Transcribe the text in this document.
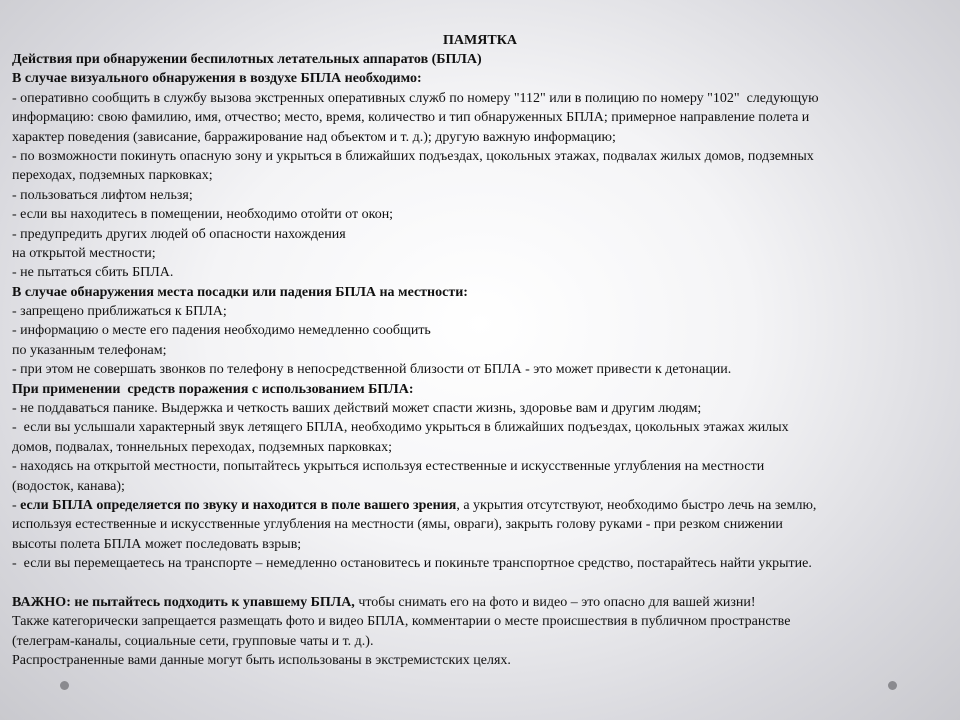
ПАМЯТКА
Действия при обнаружении беспилотных летательных аппаратов (БПЛА)
В случае визуального обнаружения в воздухе БПЛА необходимо:
- оперативно сообщить в службу вызова экстренных оперативных служб по номеру "112" или в полицию по номеру "102"  следующую
информацию: свою фамилию, имя, отчество; место, время, количество и тип обнаруженных БПЛА; примерное направление полета и
характер поведения (зависание, барражирование над объектом и т. д.); другую важную информацию;
- по возможности покинуть опасную зону и укрыться в ближайших подъездах, цокольных этажах, подвалах жилых домов, подземных
переходах, подземных парковках;
- пользоваться лифтом нельзя;
- если вы находитесь в помещении, необходимо отойти от окон;
- предупредить других людей об опасности нахождения
на открытой местности;
- не пытаться сбить БПЛА.
В случае обнаружения места посадки или падения БПЛА на местности:
- запрещено приближаться к БПЛА;
- информацию о месте его падения необходимо немедленно сообщить
по указанным телефонам;
- при этом не совершать звонков по телефону в непосредственной близости от БПЛА - это может привести к детонации.
При применении  средств поражения с использованием БПЛА:
- не поддаваться панике. Выдержка и четкость ваших действий может спасти жизнь, здоровье вам и другим людям;
-  если вы услышали характерный звук летящего БПЛА, необходимо укрыться в ближайших подъездах, цокольных этажах жилых
домов, подвалах, тоннельных переходах, подземных парковках;
- находясь на открытой местности, попытайтесь укрыться используя естественные и искусственные углубления на местности
(водосток, канава);
- если БПЛА определяется по звуку и находится в поле вашего зрения, а укрытия отсутствуют, необходимо быстро лечь на землю,
используя естественные и искусственные углубления на местности (ямы, овраги), закрыть голову руками - при резком снижении
высоты полета БПЛА может последовать взрыв;
-  если вы перемещаетесь на транспорте – немедленно остановитесь и покиньте транспортное средство, постарайтесь найти укрытие.
ВАЖНО: не пытайтесь подходить к упавшему БПЛА, чтобы снимать его на фото и видео – это опасно для вашей жизни!
Также категорически запрещается размещать фото и видео БПЛА, комментарии о месте происшествия в публичном пространстве
(телеграм-каналы, социальные сети, групповые чаты и т. д.).
Распространенные вами данные могут быть использованы в экстремистских целях.
